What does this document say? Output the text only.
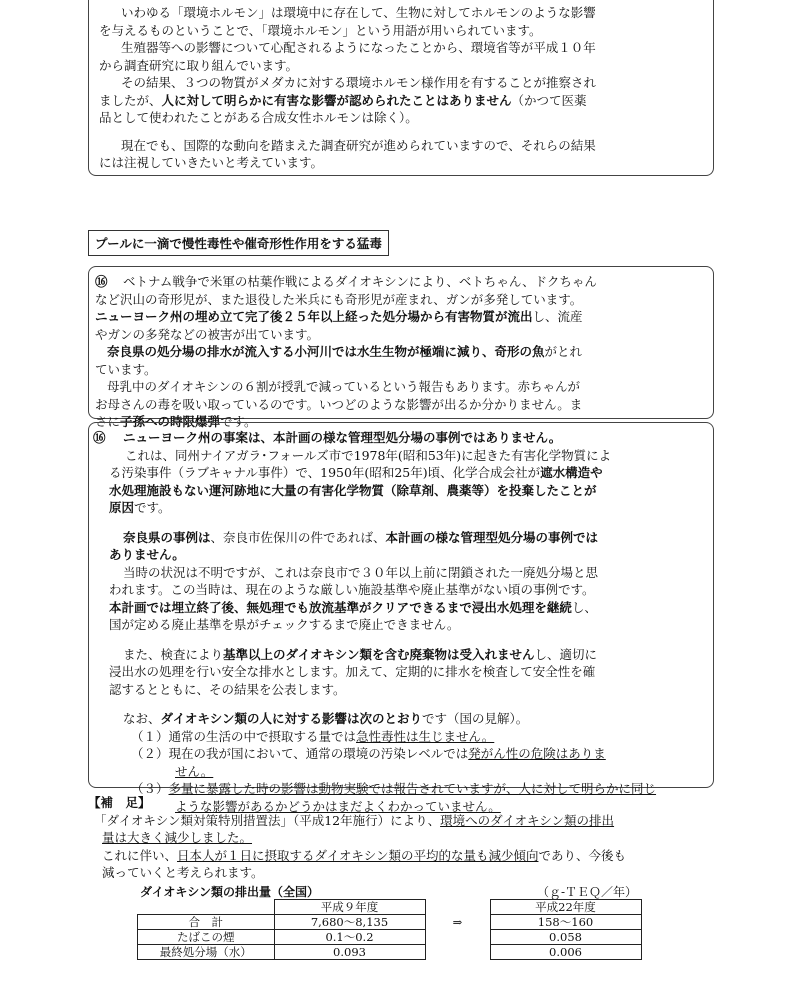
いわゆる「環境ホルモン」は環境中に存在して、生物に対してホルモンのような影響
を与えるものということで、「環境ホルモン」という用語が用いられています。
生殖器等への影響について心配されるようになったことから、環境省等が平成１０年
から調査研究に取り組んでいます。
その結果、３つの物質がメダカに対する環境ホルモン様作用を有することが推察され
ましたが、人に対して明らかに有害な影響が認められたことはありません（かつて医薬
品として使われたことがある合成女性ホルモンは除く）。
現在でも、国際的な動向を踏まえた調査研究が進められていますので、それらの結果
には注視していきたいと考えています。
プールに一滴で慢性毒性や催奇形性作用をする猛毒
⑯ ベトナム戦争で米軍の枯葉作戦によるダイオキシンにより、ベトちゃん、ドクちゃん
など沢山の奇形児が、また退役した米兵にも奇形児が産まれ、ガンが多発しています。
ニューヨーク州の埋め立て完了後２５年以上経った処分場から有害物質が流出し、流産
やガンの多発などの被害が出ています。
奈良県の処分場の排水が流入する小河川では水生生物が極端に減り、奇形の魚がとれ
ています。
母乳中のダイオキシンの６割が授乳で減っているという報告もあります。赤ちゃんが
お母さんの毒を吸い取っているのです。いつどのような影響が出るか分かりません。ま
さに子孫への時限爆弾です。
⑯ ニューヨーク州の事案は、本計画の様な管理型処分場の事例ではありません。
これは、同州ナイアガラ･フォールズ市で1978年(昭和53年)に起きた有害化学物質によ
る汚染事件（ラブキャナル事件）で、1950年(昭和25年)頃、化学合成会社が遮水構造や
水処理施設もない運河跡地に大量の有害化学物質（除草剤、農薬等）を投棄したことが
原因です。
奈良県の事例は、奈良市佐保川の件であれば、本計画の様な管理型処分場の事例では
ありません。
当時の状況は不明ですが、これは奈良市で３０年以上前に閉鎖された一廃処分場と思
われます。この当時は、現在のような厳しい施設基準や廃止基準がない頃の事例です。
本計画では埋立終了後、無処理でも放流基準がクリアできるまで浸出水処理を継続し、
国が定める廃止基準を県がチェックするまで廃止できません。
また、検査により基準以上のダイオキシン類を含む廃棄物は受入れませんし、適切に
浸出水の処理を行い安全な排水とします。加えて、定期的に排水を検査して安全性を確
認するとともに、その結果を公表します。
なお、ダイオキシン類の人に対する影響は次のとおりです（国の見解）。
（１）通常の生活の中で摂取する量では急性毒性は生じません。
（２）現在の我が国において、通常の環境の汚染レベルでは発がん性の危険はありま
せん。
（３）多量に暴露した時の影響は動物実験では報告されていますが、人に対して明らかに同じ
ような影響があるかどうかはまだよくわかっていません。
【補　足】
「ダイオキシン類対策特別措置法」（平成12年施行）により、環境へのダイオキシン類の排出
量は大きく減少しました。
これに伴い、日本人が１日に摂取するダイオキシン類の平均的な量も減少傾向であり、今後も
減っていくと考えられます。
ダイオキシン類の排出量（全国）	（ｇ-ＴＥＱ／年）
	平成９年度		平成22年度
合　計	7,680～8,135	⇒	158～160
たばこの煙	0.1～0.2		0.058
最終処分場（水）	0.093		0.006
